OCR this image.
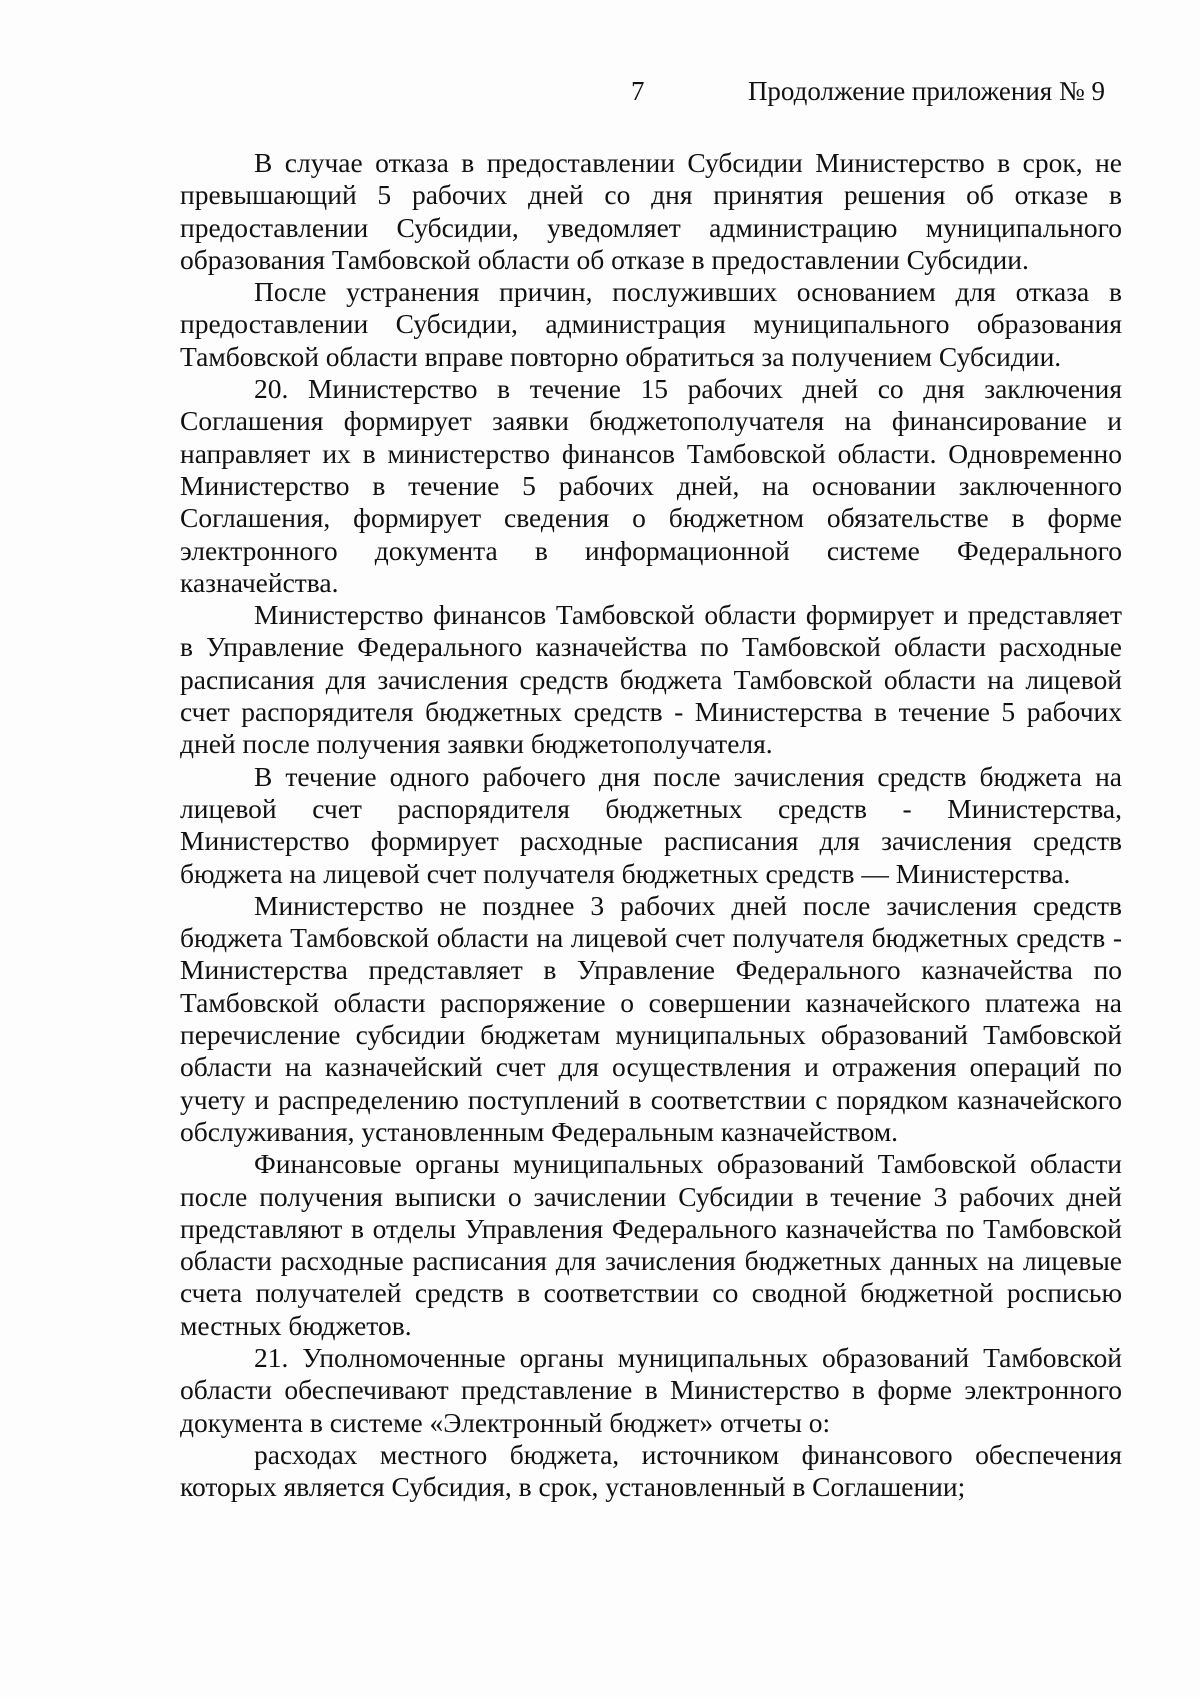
7	Продолжение приложения № 9

В случае отказа в предоставлении Субсидии Министерство в срок, не превышающий 5 рабочих дней со дня принятия решения об отказе в предоставлении Субсидии, уведомляет администрацию муниципального образования Тамбовской области об отказе в предоставлении Субсидии.

После устранения причин, послуживших основанием для отказа в предоставлении Субсидии, администрация муниципального образования Тамбовской области вправе повторно обратиться за получением Субсидии.

20. Министерство в течение 15 рабочих дней со дня заключения Соглашения формирует заявки бюджетополучателя на финансирование и направляет их в министерство финансов Тамбовской области. Одновременно Министерство в течение 5 рабочих дней, на основании заключенного Соглашения, формирует сведения о бюджетном обязательстве в форме электронного документа в информационной системе Федерального казначейства.

Министерство финансов Тамбовской области формирует и представляет в Управление Федерального казначейства по Тамбовской области расходные расписания для зачисления средств бюджета Тамбовской области на лицевой счет распорядителя бюджетных средств - Министерства в течение 5 рабочих дней после получения заявки бюджетополучателя.

В течение одного рабочего дня после зачисления средств бюджета на лицевой счет распорядителя бюджетных средств - Министерства, Министерство формирует расходные расписания для зачисления средств бюджета на лицевой счет получателя бюджетных средств — Министерства.

Министерство не позднее 3 рабочих дней после зачисления средств бюджета Тамбовской области на лицевой счет получателя бюджетных средств - Министерства представляет в Управление Федерального казначейства по Тамбовской области распоряжение о совершении казначейского платежа на перечисление субсидии бюджетам муниципальных образований Тамбовской области на казначейский счет для осуществления и отражения операций по учету и распределению поступлений в соответствии с порядком казначейского обслуживания, установленным Федеральным казначейством.

Финансовые органы муниципальных образований Тамбовской области после получения выписки о зачислении Субсидии в течение 3 рабочих дней представляют в отделы Управления Федерального казначейства по Тамбовской области расходные расписания для зачисления бюджетных данных на лицевые счета получателей средств в соответствии со сводной бюджетной росписью местных бюджетов.

21. Уполномоченные органы муниципальных образований Тамбовской области обеспечивают представление в Министерство в форме электронного документа в системе «Электронный бюджет» отчеты о:

расходах местного бюджета, источником финансового обеспечения которых является Субсидия, в срок, установленный в Соглашении;
